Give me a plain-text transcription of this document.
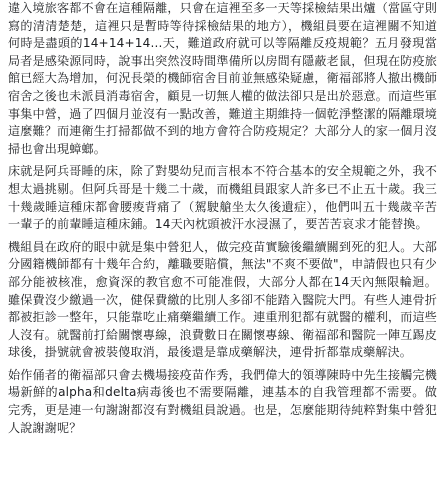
違入境旅客都不會在這種隔離，只會在這裡至多一天等採檢結果出爐（當區守則寫的清清楚楚，這裡只是暫時等待採檢結果的地方），機組員要在這裡關不知道何時是盡頭的14+14+14...天，難道政府就可以等隔離反疫規範？五月發現當局者是感染源同時，說事出突然沒時間準備所以房間有隱蔽老鼠，但現在防疫旅館已經大為增加，何況長榮的機師宿舍目前並無感染疑慮，衛福部將人撤出機師宿舍之後也未派員消毒宿舍，顧見一切無人權的做法卻只是出於惡意。而這些軍事集中營，過了四個月並沒有一點改善，難道主期維持一個乾淨整潔的隔離環境這麼難？而連衛生打掃都做不到的地方會符合防疫規定？大部分人的家一個月沒掃也會出現蟑螂。

床就是阿兵哥睡的床，除了對嬰幼兒而言根本不符合基本的安全規範之外，我不想太過挑剔。但阿兵哥是十幾二十歲，而機組員跟家人許多已不止五十歲。我三十幾歲睡這種床都會腰痠背痛了（駕駛艙坐太久後遺症），他們叫五十幾歲辛苦一輩子的前輩睡這種床鋪。14天內枕頭被汗水浸濕了，要苦苦哀求才能替換。

機組員在政府的眼中就是集中營犯人，做完疫苗實驗後繼續關到死的犯人。大部分國籍機師都有十幾年合約，離職要賠償，無法"不爽不要做"，申請假也只有少部分能被核准，愈資深的教官愈不可能准假，大部分人都在14天內無限輪迴。雖保費沒少繳過一次，健保費繳的比別人多卻不能踏入醫院大門。有些人連骨折都被拒診一整年，只能靠吃止痛藥繼續工作。連重刑犯都有就醫的權利，而這些人沒有。就醫前打給關懷專線，浪費數日在關懷專線、衛福部和醫院一陣互踢皮球後，掛號就會被裝傻取消，最後還是靠成藥解決，連骨折都靠成藥解決。

始作俑者的衛福部只會去機場接疫苗作秀，我們偉大的領導陳時中先生接觸完機場新鮮的alpha和delta病毒後也不需要隔離，連基本的自我管理都不需要。做完秀，更是連一句謝謝都沒有對機組員說過。也是，怎麼能期待純粹對集中營犯人說謝謝呢？
